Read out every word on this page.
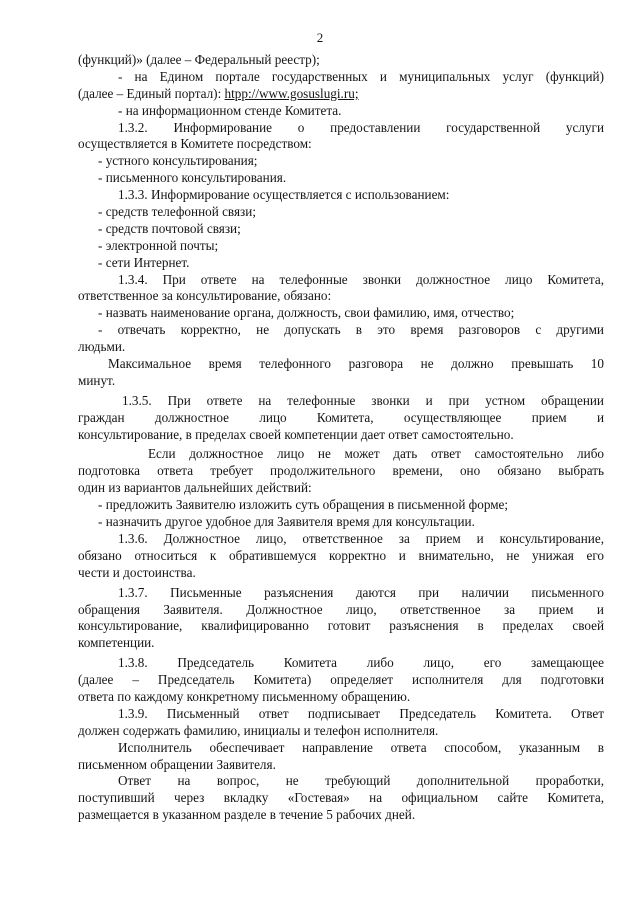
2
(функций)» (далее – Федеральный реестр);
- на Едином портале государственных и муниципальных услуг (функций)
(далее – Единый портал): htpp://www.gosuslugi.ru;
- на информационном стенде Комитета.
1.3.2. Информирование о предоставлении государственной услуги
осуществляется в Комитете посредством:
- устного консультирования;
- письменного консультирования.
1.3.3. Информирование осуществляется с использованием:
- средств телефонной связи;
- средств почтовой связи;
- электронной почты;
- сети Интернет.
1.3.4. При ответе на телефонные звонки должностное лицо Комитета,
ответственное за консультирование, обязано:
- назвать наименование органа, должность, свои фамилию, имя, отчество;
- отвечать корректно, не допускать в это время разговоров с другими
людьми.
Максимальное время телефонного разговора не должно превышать 10
минут.
1.3.5. При ответе на телефонные звонки и при устном обращении
граждан должностное лицо Комитета, осуществляющее прием и
консультирование, в пределах своей компетенции дает ответ самостоятельно.
Если должностное лицо не может дать ответ самостоятельно либо
подготовка ответа требует продолжительного времени, оно обязано выбрать
один из вариантов дальнейших действий:
- предложить Заявителю изложить суть обращения в письменной форме;
- назначить другое удобное для Заявителя время для консультации.
1.3.6. Должностное лицо, ответственное за прием и консультирование,
обязано относиться к обратившемуся корректно и внимательно, не унижая его
чести и достоинства.
1.3.7. Письменные разъяснения даются при наличии письменного
обращения Заявителя. Должностное лицо, ответственное за прием и
консультирование, квалифицированно готовит разъяснения в пределах своей
компетенции.
1.3.8. Председатель Комитета либо лицо, его замещающее
(далее – Председатель Комитета) определяет исполнителя для подготовки
ответа по каждому конкретному письменному обращению.
1.3.9. Письменный ответ подписывает Председатель Комитета. Ответ
должен содержать фамилию, инициалы и телефон исполнителя.
Исполнитель обеспечивает направление ответа способом, указанным в
письменном обращении Заявителя.
Ответ на вопрос, не требующий дополнительной проработки,
поступивший через вкладку «Гостевая» на официальном сайте Комитета,
размещается в указанном разделе в течение 5 рабочих дней.
